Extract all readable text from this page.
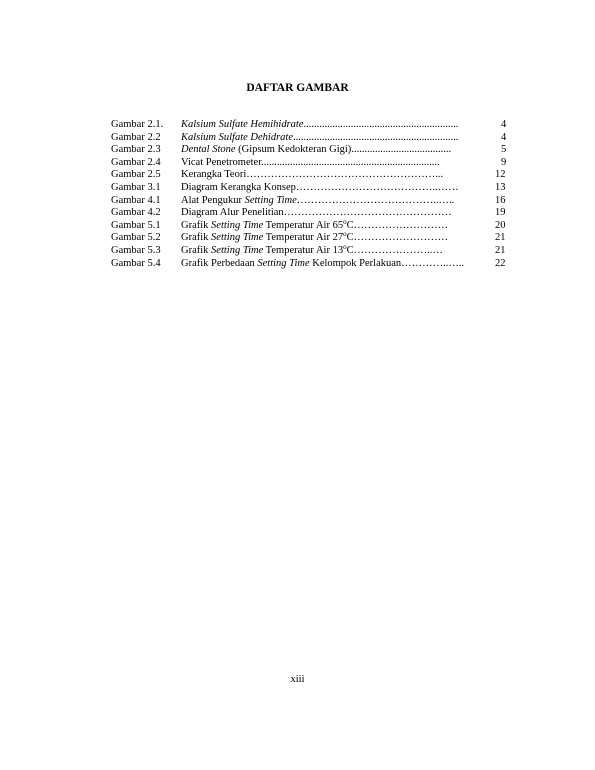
DAFTAR GAMBAR
Gambar 2.1.	Kalsium Sulfate Hemihidrate...........................................................	4
Gambar 2.2	Kalsium Sulfate Dehidrate...............................................................	4
Gambar 2.3	Dental Stone (Gipsum Kedokteran Gigi)......................................	5
Gambar 2.4	Vicat Penetrometer....................................................................	9
Gambar 2.5	Kerangka Teori………………………………………………...	12
Gambar 3.1	Diagram Kerangka Konsep…………………………………..……	13
Gambar 4.1	Alat Pengukur Setting Time…………………………………..…..	16
Gambar 4.2	Diagram Alur Penelitian…………………………………………	19
Gambar 5.1	Grafik Setting Time Temperatur Air 65$^o$C………………………	20
Gambar 5.2	Grafik Setting Time Temperatur Air 27$^o$C………………………	21
Gambar 5.3	Grafik Setting Time Temperatur Air 13$^o$C…………………..…	21
Gambar 5.4	Grafik Perbedaan Setting Time Kelompok Perlakuan…………..…..	22
xiii
